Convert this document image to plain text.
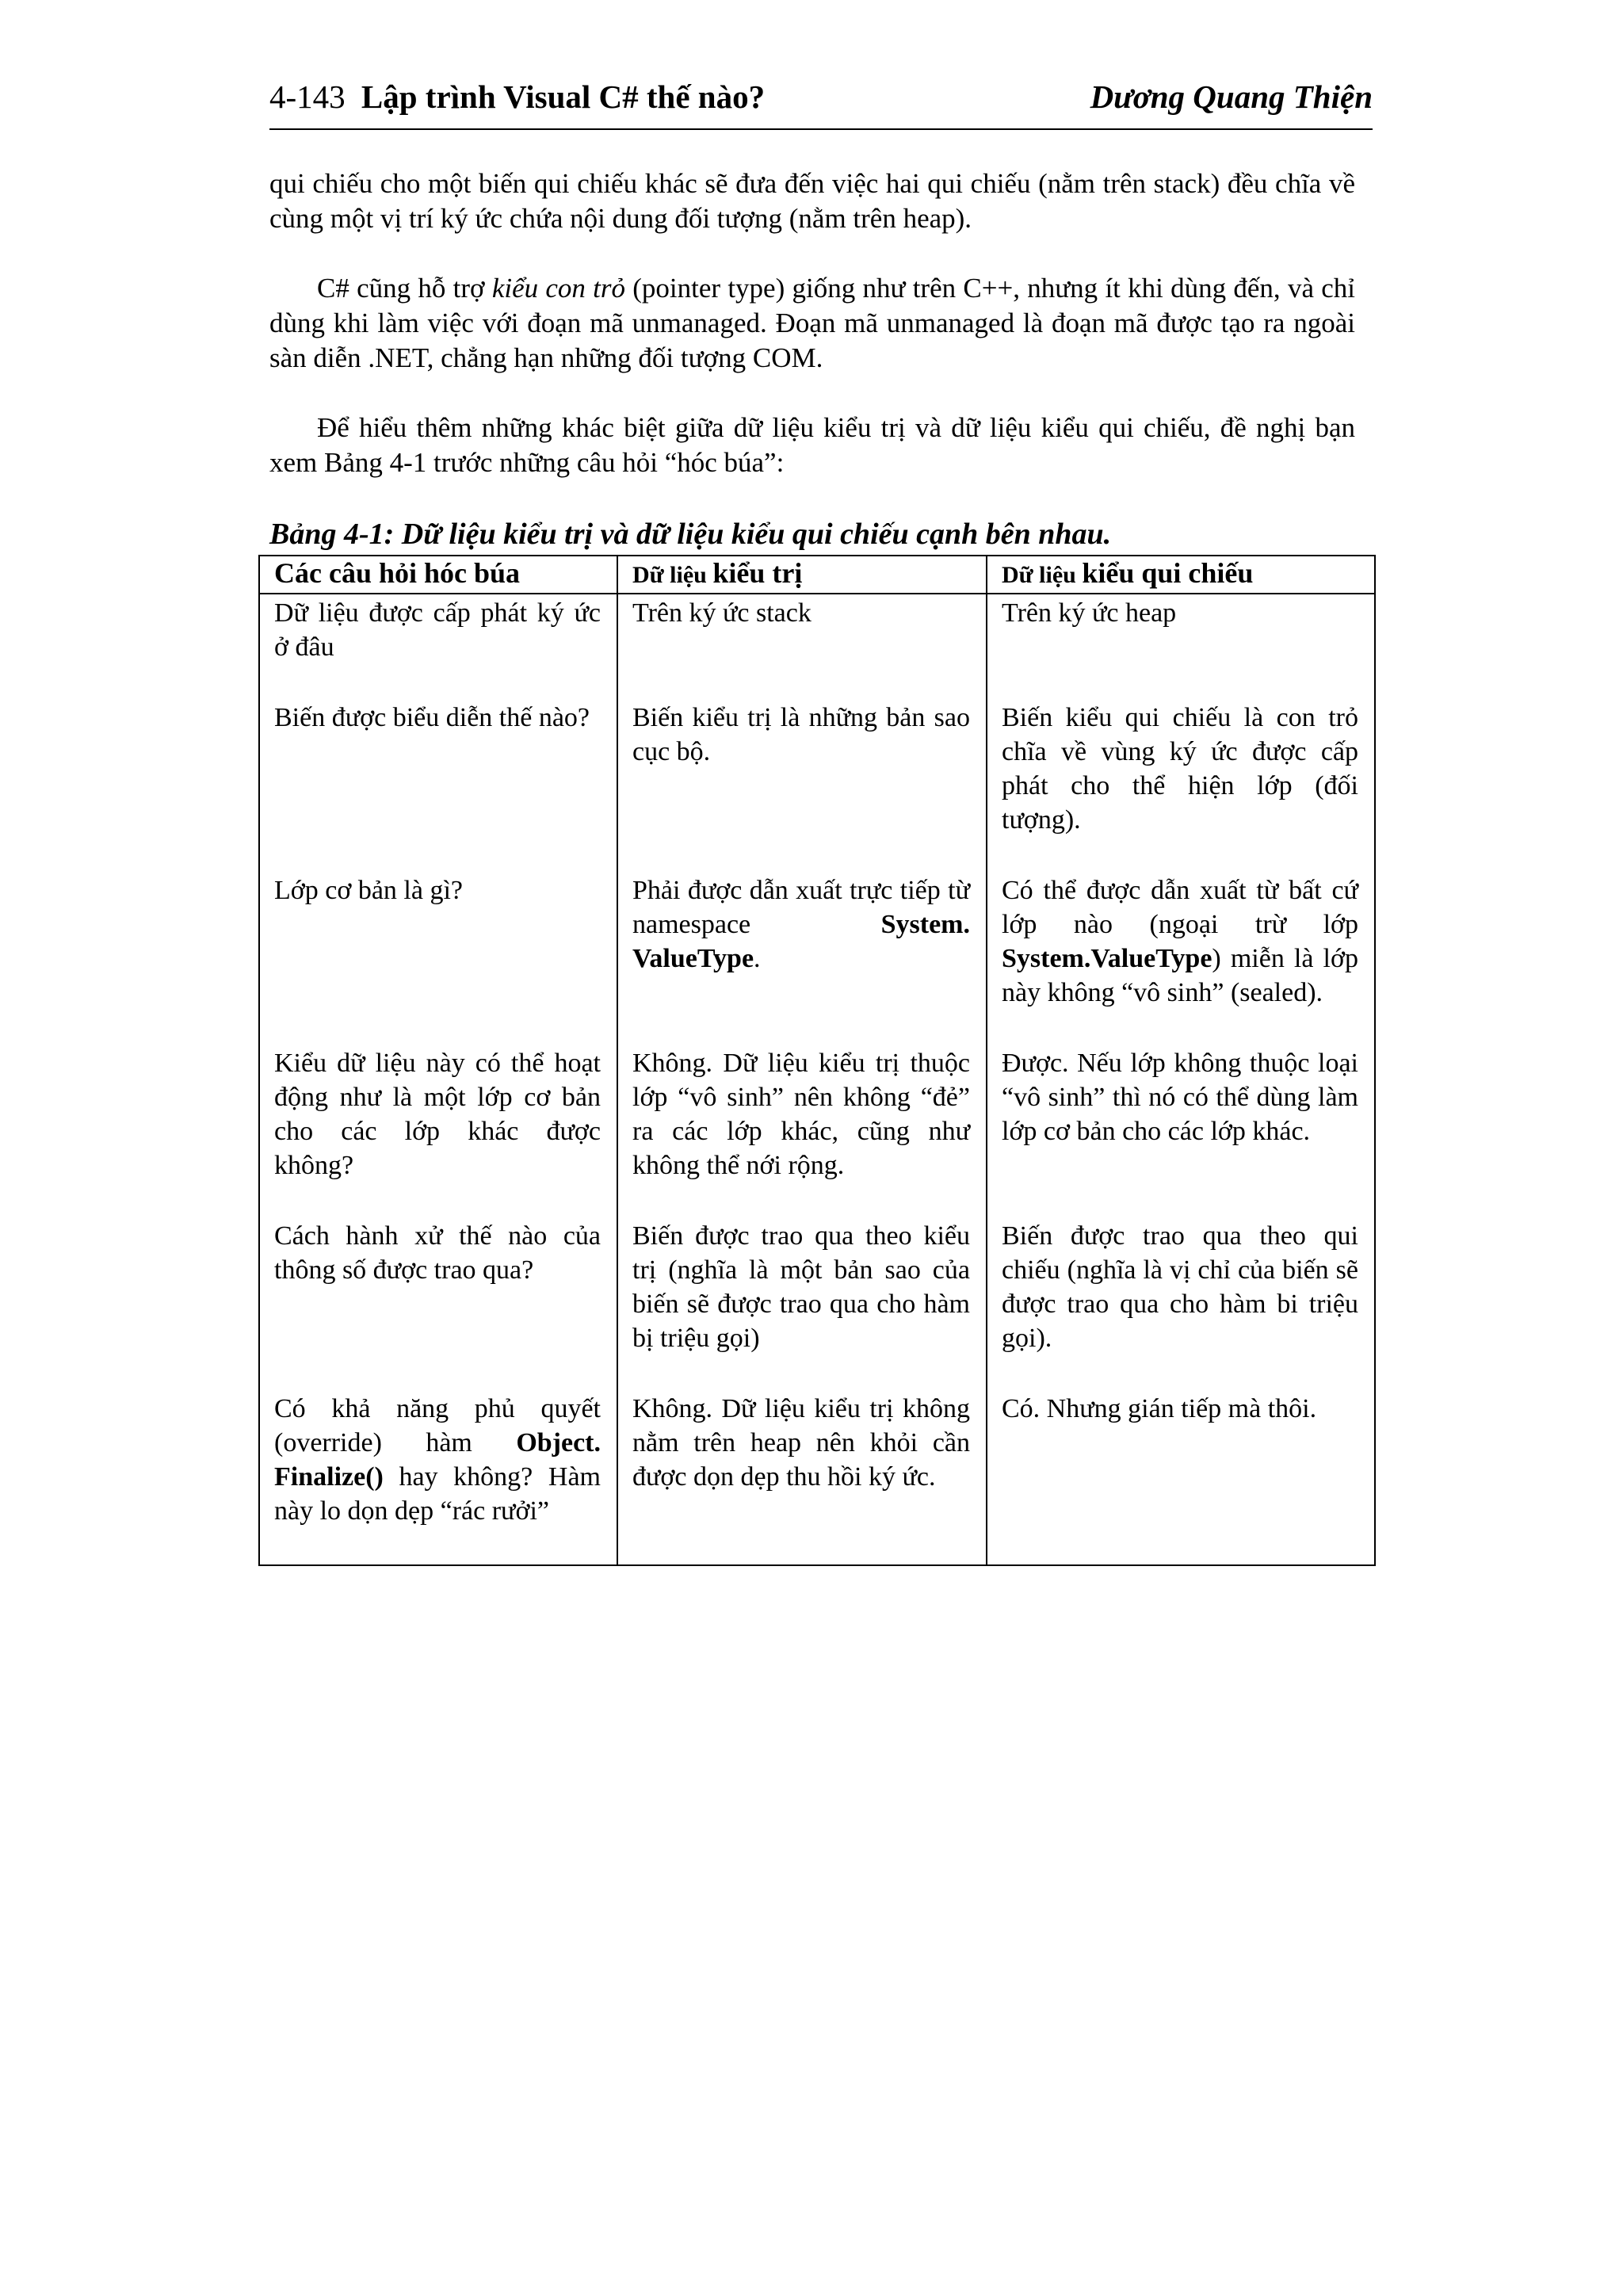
4-143 Lập trình Visual C# thế nào?	Dương Quang Thiện

qui chiếu cho một biến qui chiếu khác sẽ đưa đến việc hai qui chiếu (nằm trên stack) đều chĩa về cùng một vị trí ký ức chứa nội dung đối tượng (nằm trên heap).

C# cũng hỗ trợ kiểu con trỏ (pointer type) giống như trên C++, nhưng ít khi dùng đến, và chỉ dùng khi làm việc với đoạn mã unmanaged. Đoạn mã unmanaged là đoạn mã được tạo ra ngoài sàn diễn .NET, chẳng hạn những đối tượng COM.

Để hiểu thêm những khác biệt giữa dữ liệu kiểu trị và dữ liệu kiểu qui chiếu, đề nghị bạn xem Bảng 4-1 trước những câu hỏi “hóc búa”:

Bảng 4-1: Dữ liệu kiểu trị và dữ liệu kiểu qui chiếu cạnh bên nhau.
Các câu hỏi hóc búa	Dữ liệu kiểu trị	Dữ liệu kiểu qui chiếu
Dữ liệu được cấp phát ký ức ở đâu	Trên ký ức stack	Trên ký ức heap
Biến được biểu diễn thế nào?	Biến kiểu trị là những bản sao cục bộ.	Biến kiểu qui chiếu là con trỏ chĩa về vùng ký ức được cấp phát cho thể hiện lớp (đối tượng).
Lớp cơ bản là gì?	Phải được dẫn xuất trực tiếp từ namespace System. ValueType.	Có thể được dẫn xuất từ bất cứ lớp nào (ngoại trừ lớp System.ValueType) miễn là lớp này không “vô sinh” (sealed).
Kiểu dữ liệu này có thể hoạt động như là một lớp cơ bản cho các lớp khác được không?	Không. Dữ liệu kiểu trị thuộc lớp “vô sinh” nên không “đẻ” ra các lớp khác, cũng như không thể nới rộng.	Được. Nếu lớp không thuộc loại “vô sinh” thì nó có thể dùng làm lớp cơ bản cho các lớp khác.
Cách hành xử thế nào của thông số được trao qua?	Biến được trao qua theo kiểu trị (nghĩa là một bản sao của biến sẽ được trao qua cho hàm bị triệu gọi)	Biến được trao qua theo qui chiếu (nghĩa là vị chỉ của biến sẽ được trao qua cho hàm bi triệu gọi).
Có khả năng phủ quyết (override) hàm Object. Finalize() hay không? Hàm này lo dọn dẹp “rác rưởi”	Không. Dữ liệu kiểu trị không nằm trên heap nên khỏi cần được dọn dẹp thu hồi ký ức.	Có. Nhưng gián tiếp mà thôi.
